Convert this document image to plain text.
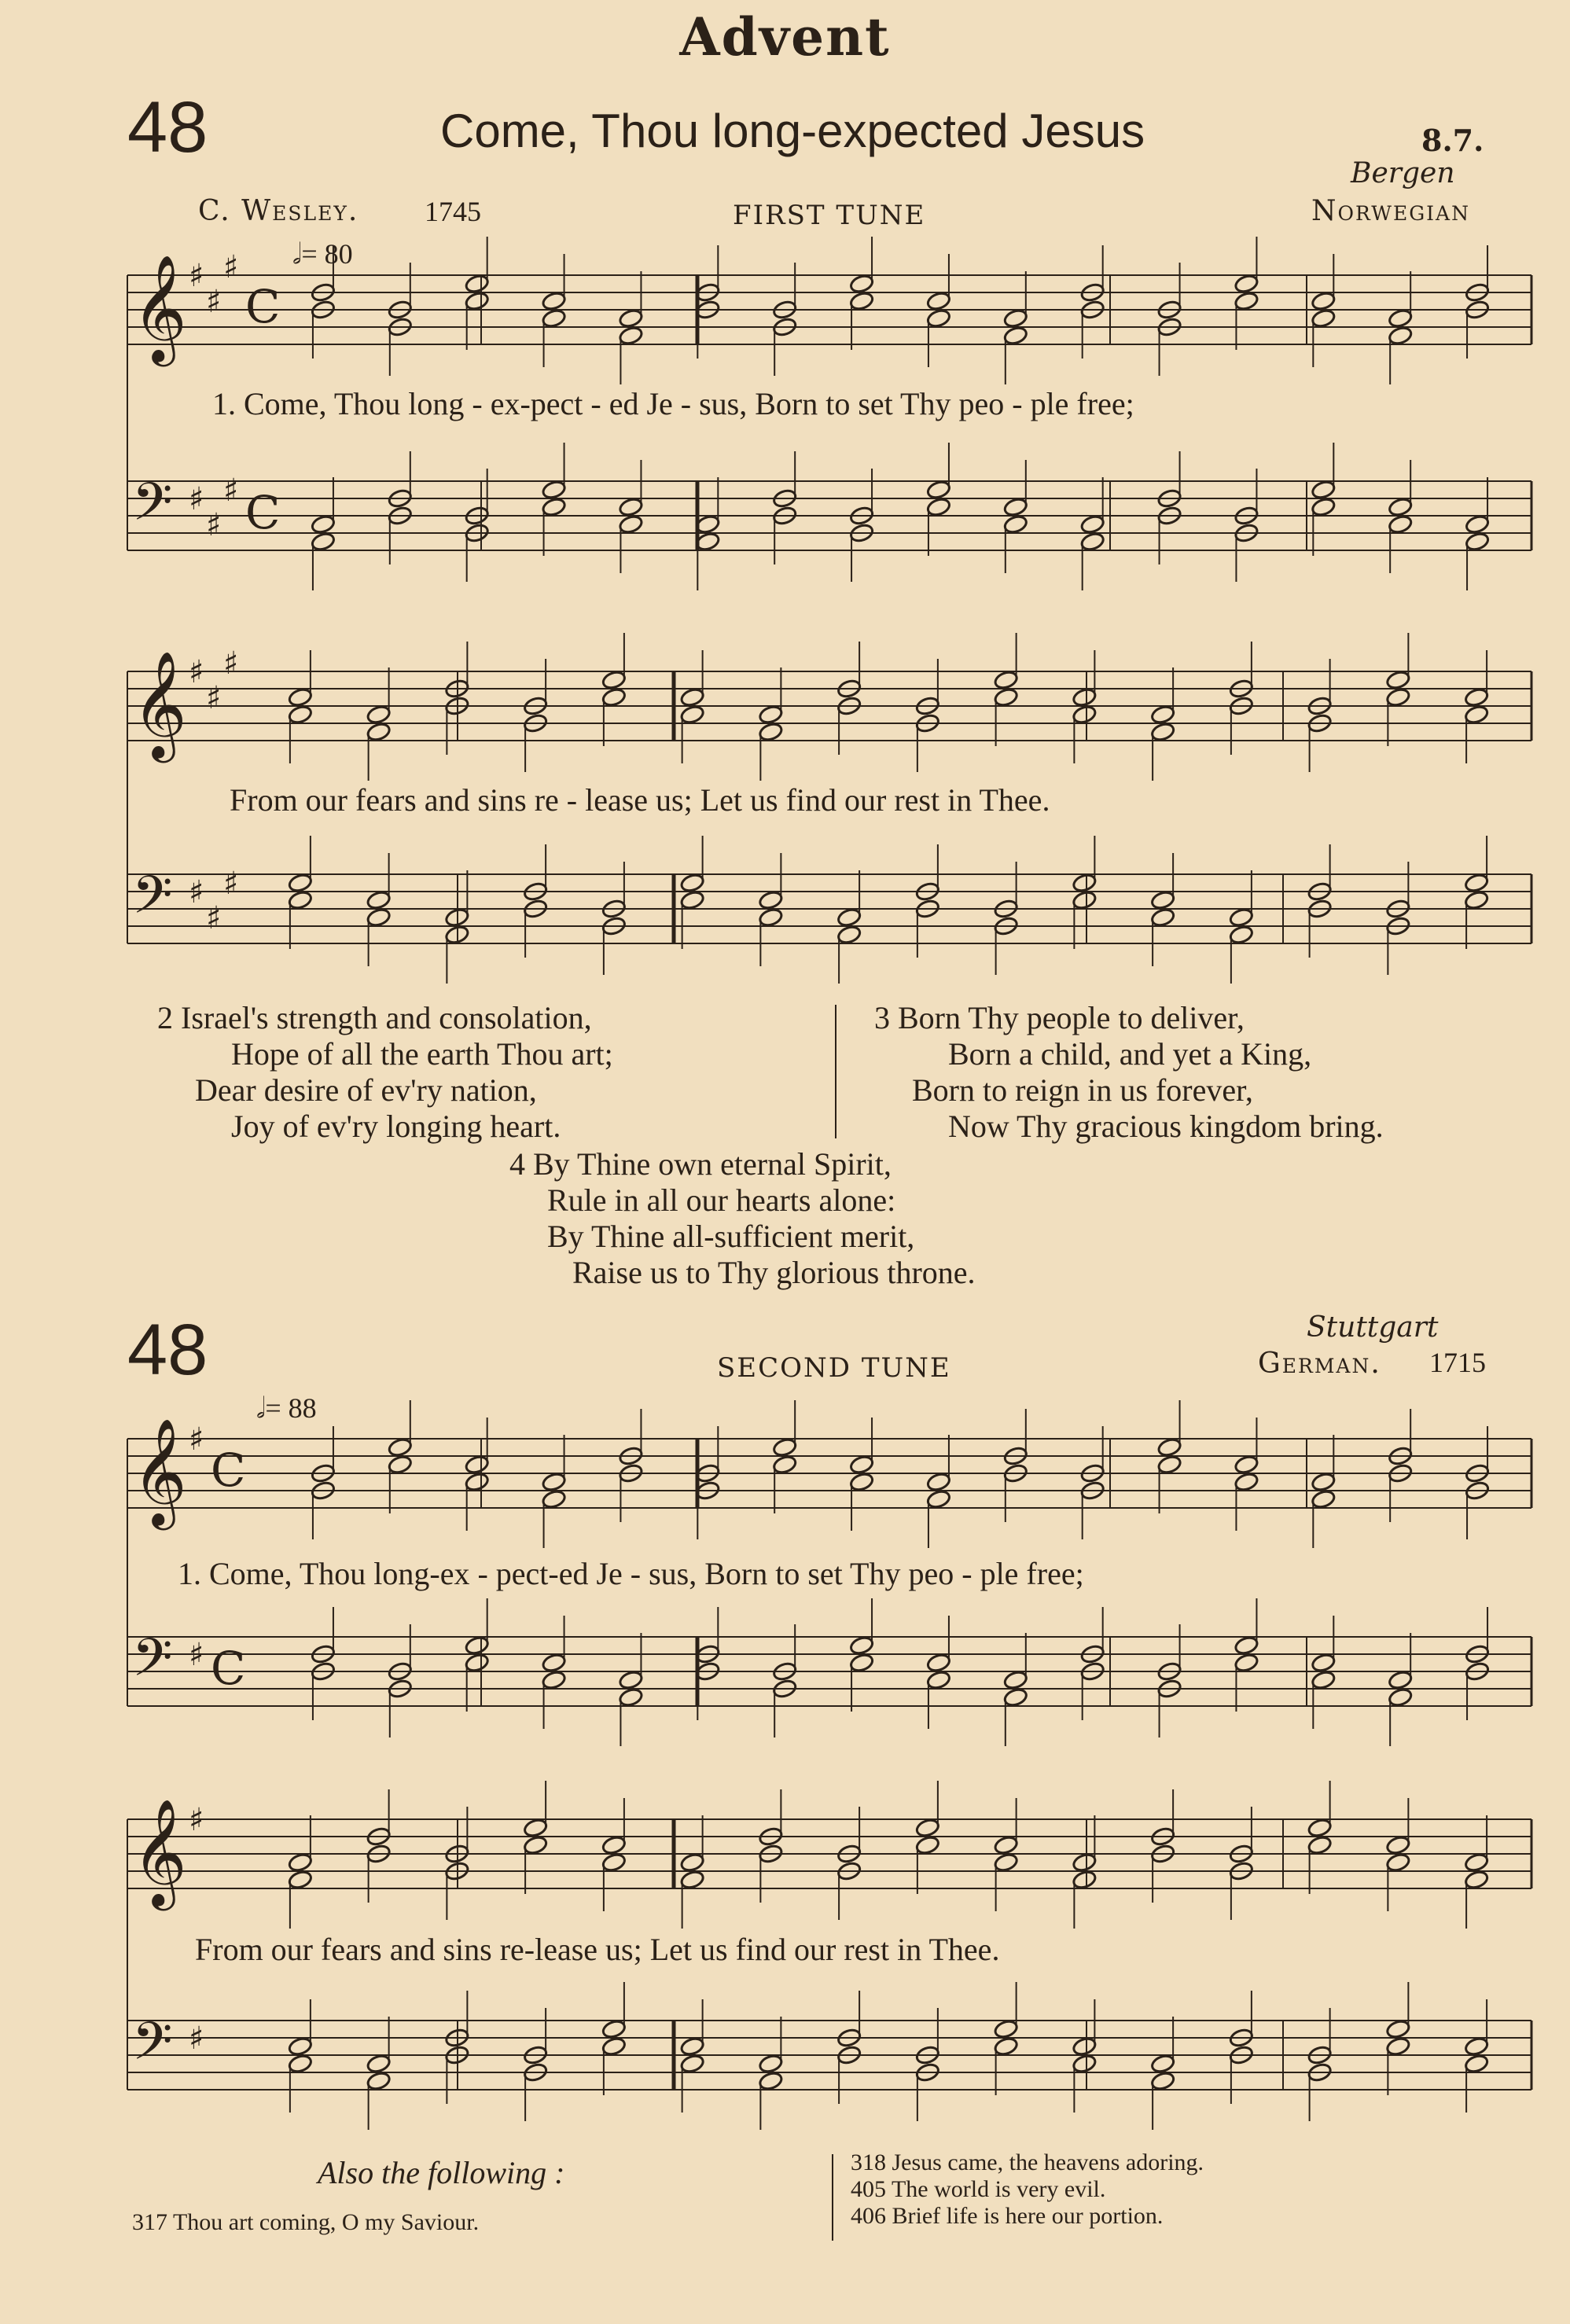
Advent
48	Come, Thou long-expected Jesus	8.7.
Bergen
C. Wesley. 1745	FIRST TUNE	Norwegian
𝅗𝅥= 80
1. Come, Thou long - ex-pect - ed Je - sus, Born to set Thy peo - ple free;
From our fears and sins re - lease us; Let us find our rest in Thee.
2 Israel's strength and consolation,
Hope of all the earth Thou art;
Dear desire of ev'ry nation,
Joy of ev'ry longing heart.
3 Born Thy people to deliver,
Born a child, and yet a King,
Born to reign in us forever,
Now Thy gracious kingdom bring.
4 By Thine own eternal Spirit,
Rule in all our hearts alone:
By Thine all-sufficient merit,
Raise us to Thy glorious throne.
48	Stuttgart
SECOND TUNE	German. 1715
𝅗𝅥= 88
1. Come, Thou long-ex - pect-ed Je - sus, Born to set Thy peo - ple free;
From our fears and sins re-lease us; Let us find our rest in Thee.
Also the following :
317 Thou art coming, O my Saviour.
318 Jesus came, the heavens adoring.
405 The world is very evil.
406 Brief life is here our portion.
𝄞
𝄢
♯
♯
♯
♯
♯
♯
C
C
𝄞
𝄢
♯
♯
♯
♯
♯
♯
𝄞
𝄢
♯
♯
C
C
𝄞
𝄢
♯
♯
